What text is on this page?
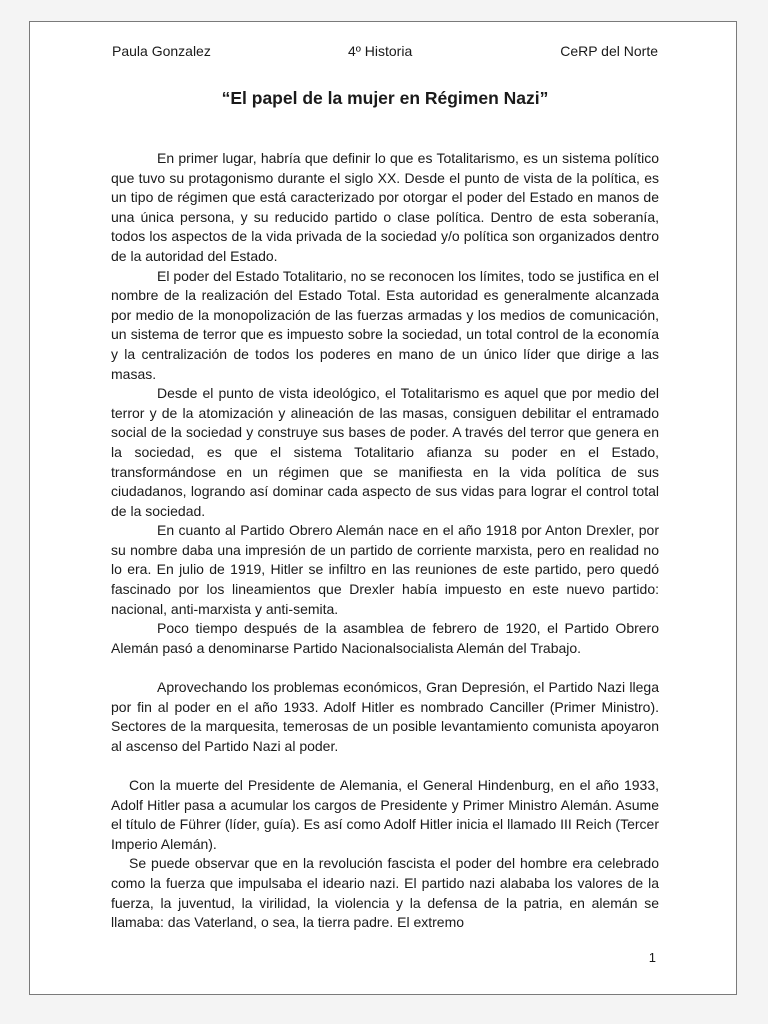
Paula Gonzalez	4º Historia	CeRP del Norte
“El papel de la mujer en Régimen Nazi”

En primer lugar, habría que definir lo que es Totalitarismo, es un sistema político que tuvo su protagonismo durante el siglo XX. Desde el punto de vista de la política, es un tipo de régimen que está caracterizado por otorgar el poder del Estado en manos de una única persona, y su reducido partido o clase política. Dentro de esta soberanía, todos los aspectos de la vida privada de la sociedad y/o política son organizados dentro de la autoridad del Estado.

El poder del Estado Totalitario, no se reconocen los límites, todo se justifica en el nombre de la realización del Estado Total. Esta autoridad es generalmente alcanzada por medio de la monopolización de las fuerzas armadas y los medios de comunicación, un sistema de terror que es impuesto sobre la sociedad, un total control de la economía y la centralización de todos los poderes en mano de un único líder que dirige a las masas.

Desde el punto de vista ideológico, el Totalitarismo es aquel que por medio del terror y de la atomización y alineación de las masas, consiguen debilitar el entramado social de la sociedad y construye sus bases de poder. A través del terror que genera en la sociedad, es que el sistema Totalitario afianza su poder en el Estado, transformándose en un régimen que se manifiesta en la vida política de sus ciudadanos, logrando así dominar cada aspecto de sus vidas para lograr el control total de la sociedad.

En cuanto al Partido Obrero Alemán nace en el año 1918 por Anton Drexler, por su nombre daba una impresión de un partido de corriente marxista, pero en realidad no lo era. En julio de 1919, Hitler se infiltro en las reuniones de este partido, pero quedó fascinado por los lineamientos que Drexler había impuesto en este nuevo partido: nacional, anti-marxista y anti-semita.

Poco tiempo después de la asamblea de febrero de 1920, el Partido Obrero Alemán pasó a denominarse Partido Nacionalsocialista Alemán del Trabajo.

Aprovechando los problemas económicos, Gran Depresión, el Partido Nazi llega por fin al poder en el año 1933. Adolf Hitler es nombrado Canciller (Primer Ministro). Sectores de la marquesita, temerosas de un posible levantamiento comunista apoyaron al ascenso del Partido Nazi al poder.

Con la muerte del Presidente de Alemania, el General Hindenburg, en el año 1933, Adolf Hitler pasa a acumular los cargos de Presidente y Primer Ministro Alemán. Asume el título de Führer (líder, guía). Es así como Adolf Hitler inicia el llamado III Reich (Tercer Imperio Alemán).

Se puede observar que en la revolución fascista el poder del hombre era celebrado como la fuerza que impulsaba el ideario nazi. El partido nazi alababa los valores de la fuerza, la juventud, la virilidad, la violencia y la defensa de la patria, en alemán se llamaba: das Vaterland, o sea, la tierra padre. El extremo

1
